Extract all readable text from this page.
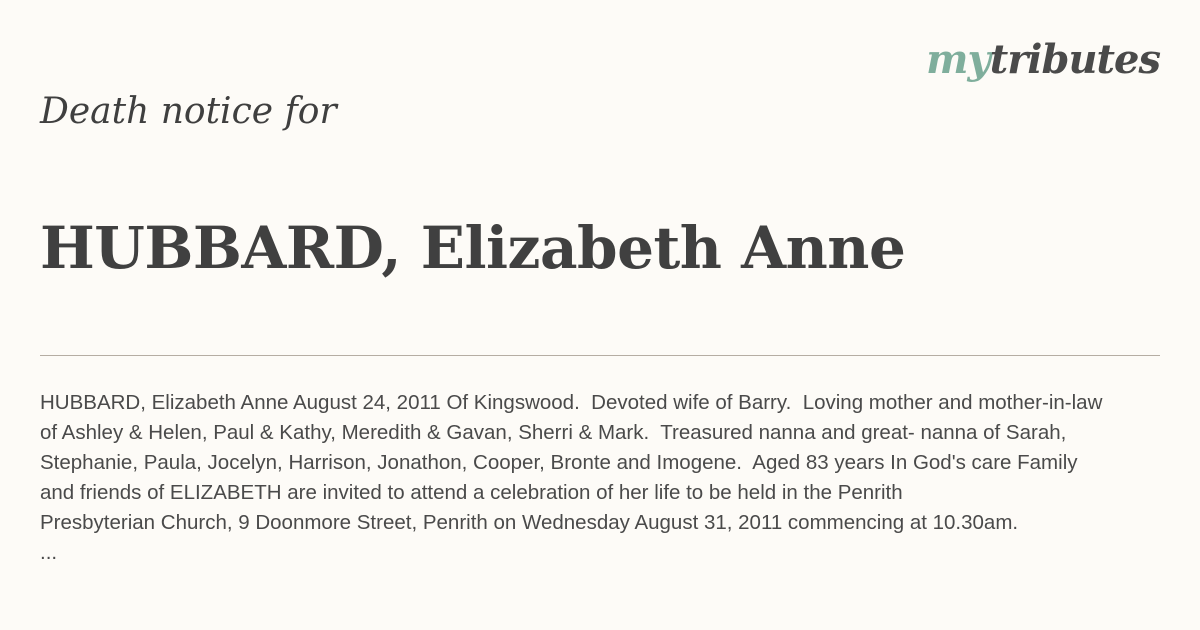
mytributes
Death notice for
HUBBARD, Elizabeth Anne
HUBBARD, Elizabeth Anne August 24, 2011 Of Kingswood.  Devoted wife of Barry.  Loving mother and mother-in-law
of Ashley & Helen, Paul & Kathy, Meredith & Gavan, Sherri & Mark.  Treasured nanna and great- nanna of Sarah,
Stephanie, Paula, Jocelyn, Harrison, Jonathon, Cooper, Bronte and Imogene.  Aged 83 years In God's care Family
and friends of ELIZABETH are invited to attend a celebration of her life to be held in the Penrith
Presbyterian Church, 9 Doonmore Street, Penrith on Wednesday August 31, 2011 commencing at 10.30am.
...
